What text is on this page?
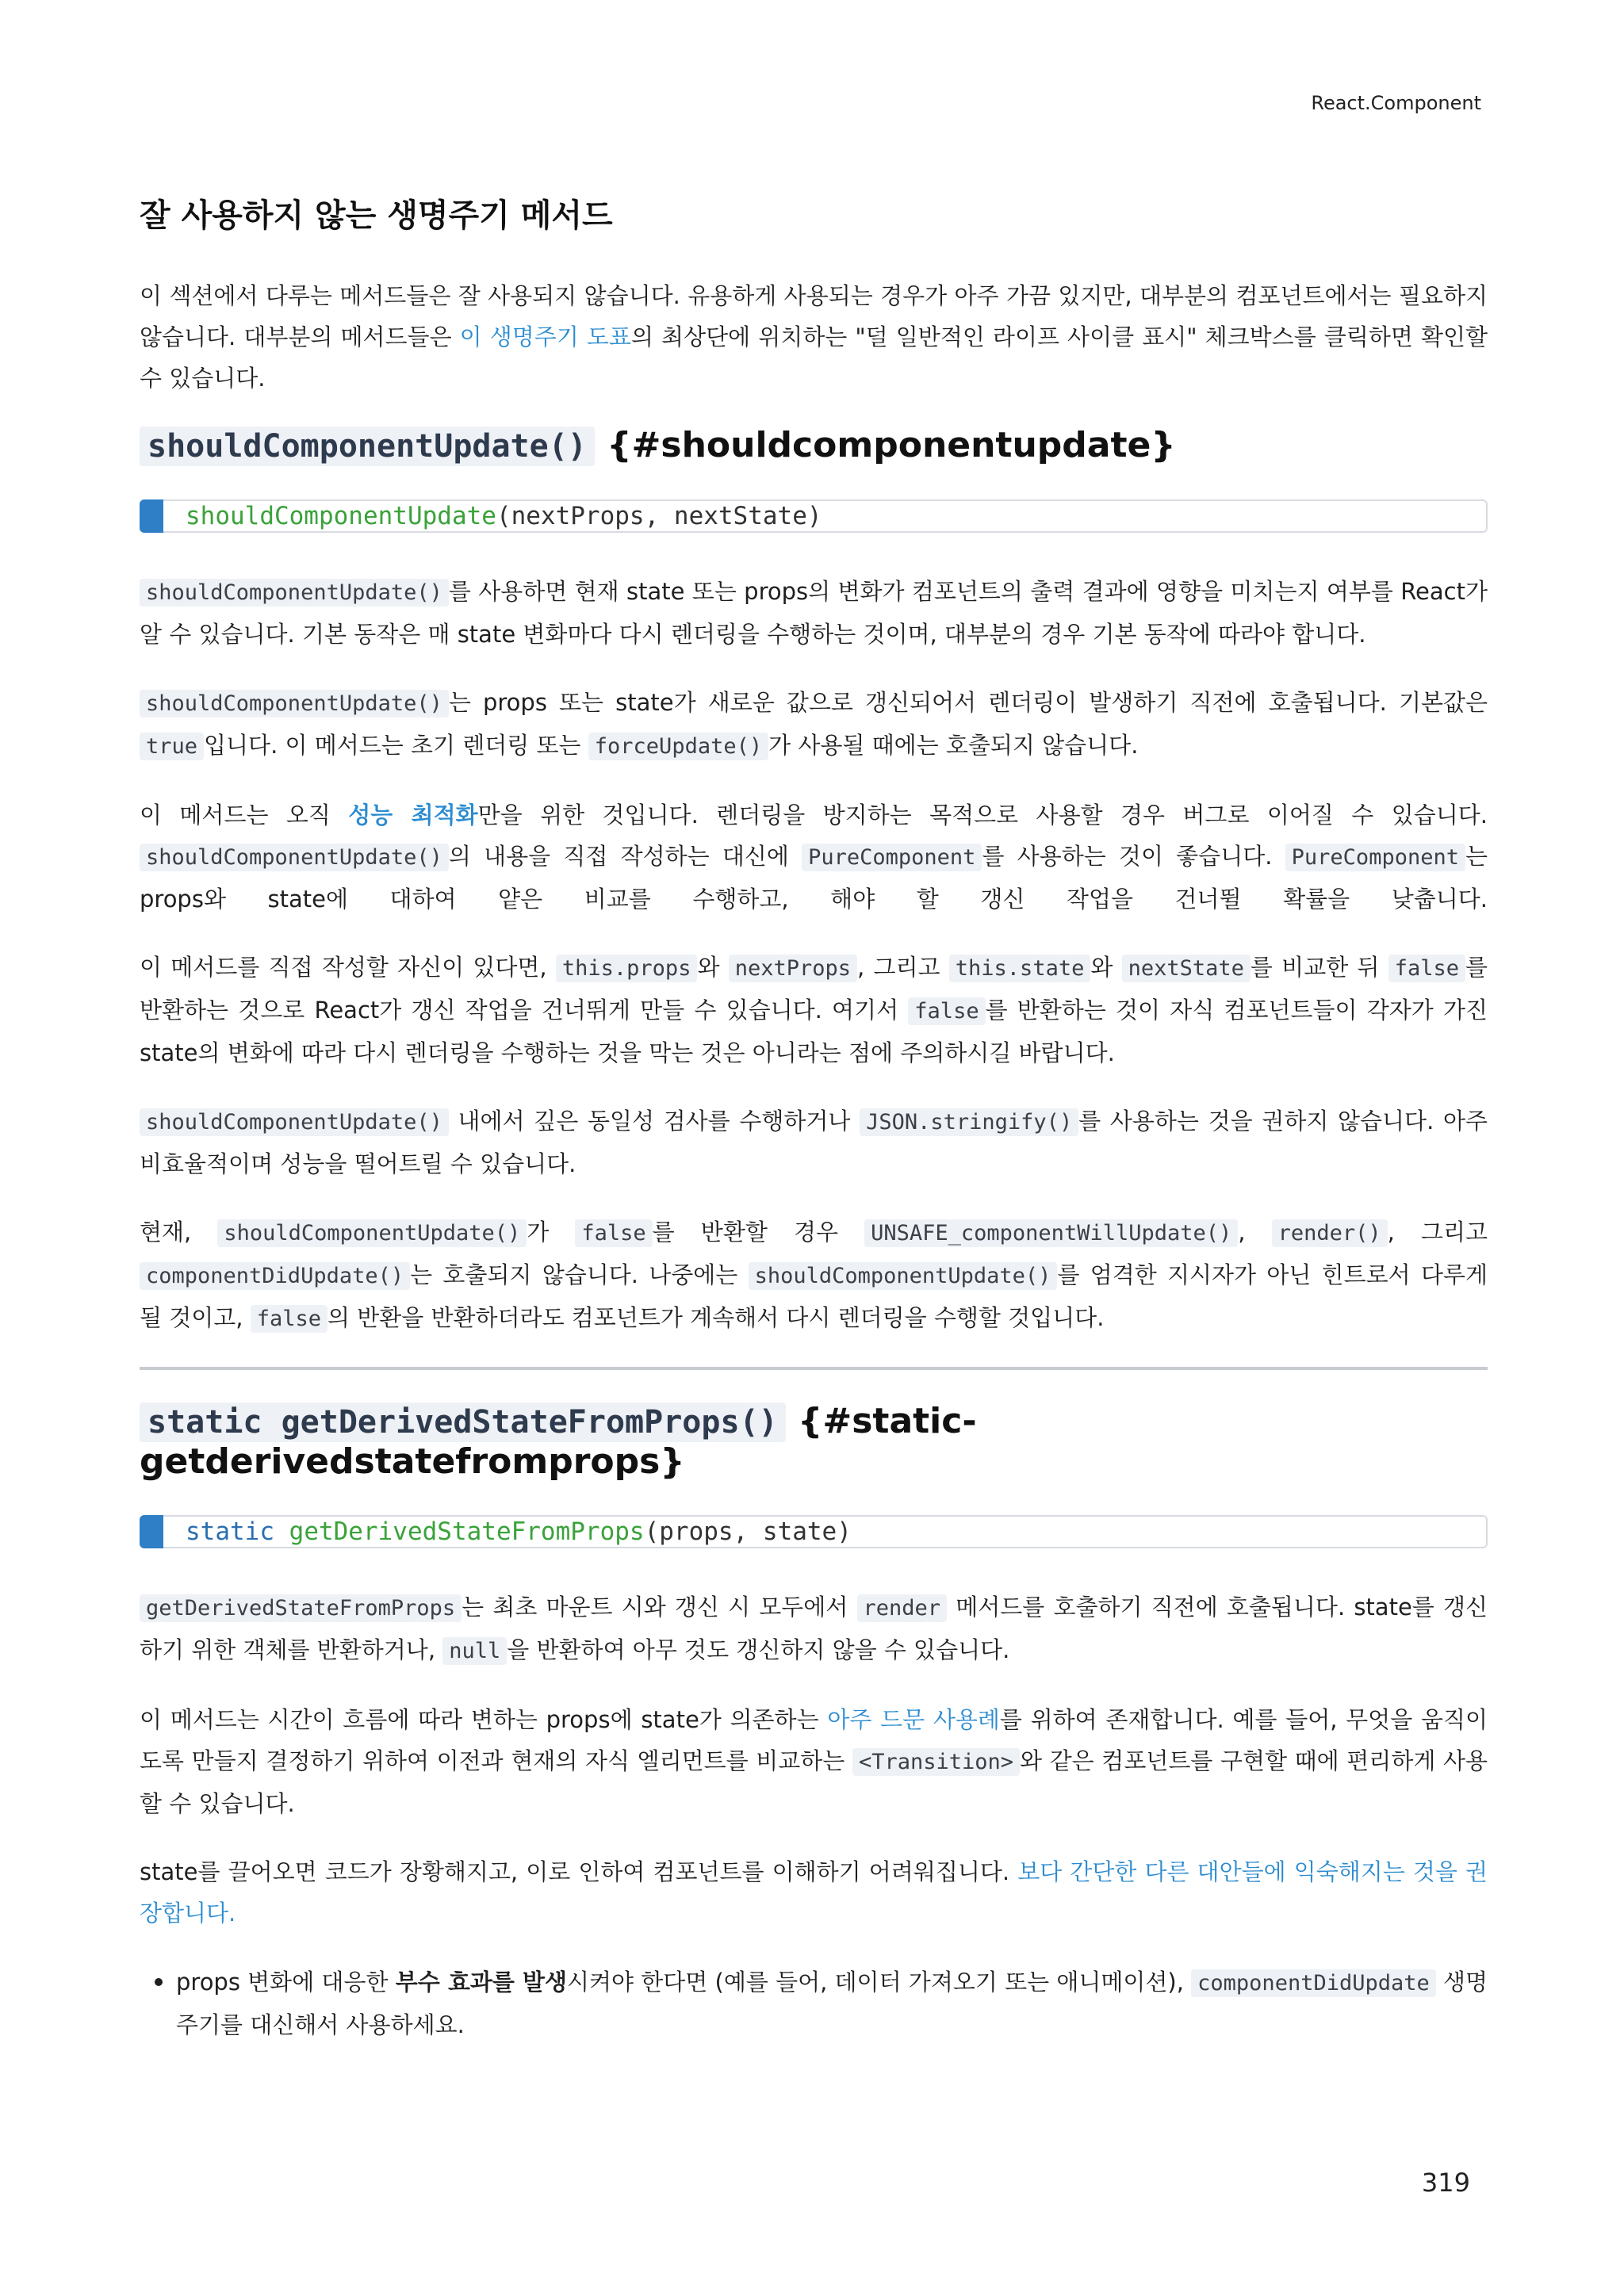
React.Component
잘 사용하지 않는 생명주기 메서드

이 섹션에서 다루는 메서드들은 잘 사용되지 않습니다. 유용하게 사용되는 경우가 아주 가끔 있지만, 대부분의 컴포넌트에서는 필요하지 않습니다. 대부분의 메서드들은 이 생명주기 도표의 최상단에 위치하는 "덜 일반적인 라이프 사이클 표시" 체크박스를 클릭하면 확인할 수 있습니다.

shouldComponentUpdate() {#shouldcomponentupdate}
shouldComponentUpdate(nextProps, nextState)

shouldComponentUpdate() 를 사용하면 현재 state 또는 props의 변화가 컴포넌트의 출력 결과에 영향을 미치는지 여부를 React가 알 수 있습니다. 기본 동작은 매 state 변화마다 다시 렌더링을 수행하는 것이며, 대부분의 경우 기본 동작에 따라야 합니다.

shouldComponentUpdate() 는 props 또는 state가 새로운 값으로 갱신되어서 렌더링이 발생하기 직전에 호출됩니다. 기본값은 true 입니다. 이 메서드는 초기 렌더링 또는 forceUpdate() 가 사용될 때에는 호출되지 않습니다.

이 메서드는 오직 성능 최적화만을 위한 것입니다. 렌더링을 방지하는 목적으로 사용할 경우 버그로 이어질 수 있습니다. shouldComponentUpdate() 의 내용을 직접 작성하는 대신에 PureComponent 를 사용하는 것이 좋습니다. PureComponent 는 props와 state에 대하여 얕은 비교를 수행하고, 해야 할 갱신 작업을 건너뛸 확률을 낮춥니다.

이 메서드를 직접 작성할 자신이 있다면, this.props 와 nextProps , 그리고 this.state 와 nextState 를 비교한 뒤 false 를 반환하는 것으로 React가 갱신 작업을 건너뛰게 만들 수 있습니다. 여기서 false 를 반환하는 것이 자식 컴포넌트들이 각자가 가진 state의 변화에 따라 다시 렌더링을 수행하는 것을 막는 것은 아니라는 점에 주의하시길 바랍니다.

shouldComponentUpdate() 내에서 깊은 동일성 검사를 수행하거나 JSON.stringify() 를 사용하는 것을 권하지 않습니다. 아주 비효율적이며 성능을 떨어트릴 수 있습니다.

현재, shouldComponentUpdate() 가 false 를 반환할 경우 UNSAFE_componentWillUpdate() , render() , 그리고 componentDidUpdate() 는 호출되지 않습니다. 나중에는 shouldComponentUpdate() 를 엄격한 지시자가 아닌 힌트로서 다루게 될 것이고, false 의 반환을 반환하더라도 컴포넌트가 계속해서 다시 렌더링을 수행할 것입니다.

static getDerivedStateFromProps() {#static-
getderivedstatefromprops}
static getDerivedStateFromProps(props, state)

getDerivedStateFromProps 는 최초 마운트 시와 갱신 시 모두에서 render 메서드를 호출하기 직전에 호출됩니다. state를 갱신하기 위한 객체를 반환하거나, null 을 반환하여 아무 것도 갱신하지 않을 수 있습니다.

이 메서드는 시간이 흐름에 따라 변하는 props에 state가 의존하는 아주 드문 사용례를 위하여 존재합니다. 예를 들어, 무엇을 움직이도록 만들지 결정하기 위하여 이전과 현재의 자식 엘리먼트를 비교하는 <Transition> 와 같은 컴포넌트를 구현할 때에 편리하게 사용할 수 있습니다.

state를 끌어오면 코드가 장황해지고, 이로 인하여 컴포넌트를 이해하기 어려워집니다. 보다 간단한 다른 대안들에 익숙해지는 것을 권장합니다.

• props 변화에 대응한 부수 효과를 발생시켜야 한다면 (예를 들어, 데이터 가져오기 또는 애니메이션), componentDidUpdate 생명주기를 대신해서 사용하세요.
319
